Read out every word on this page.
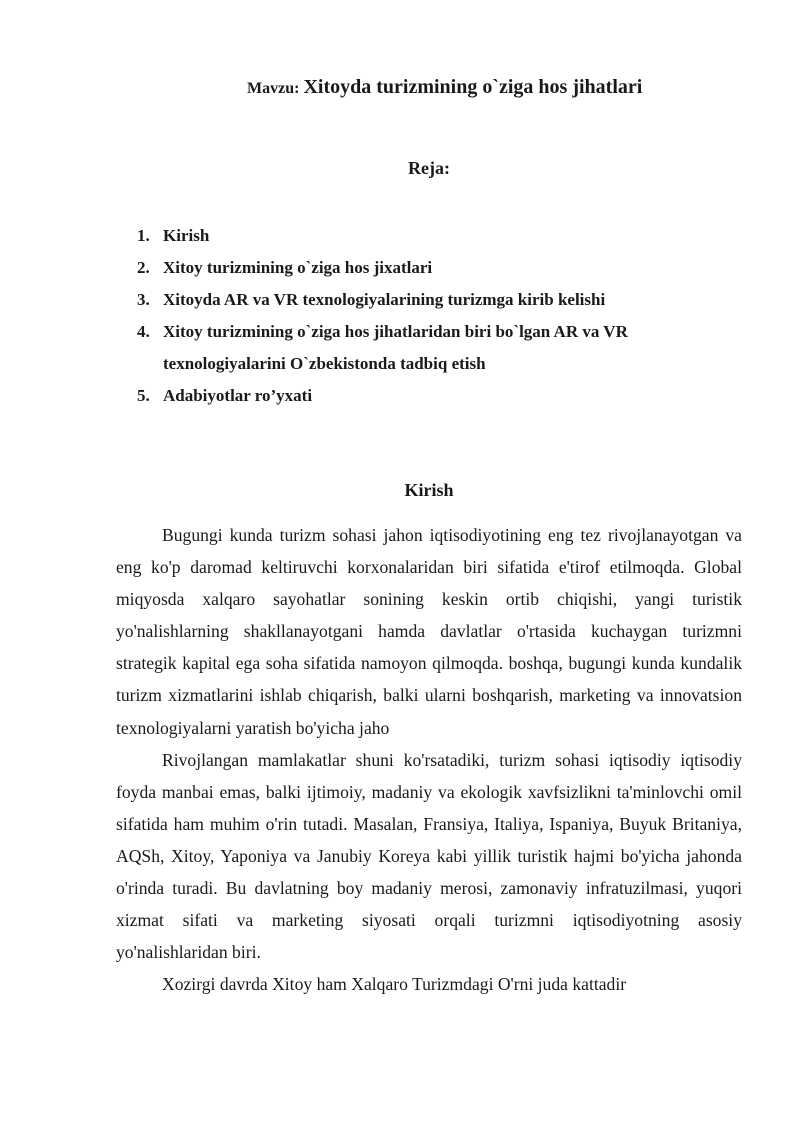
Mavzu: Xitoyda turizmining o`ziga hos jihatlari
Reja:
1. Kirish
2. Xitoy turizmining o`ziga hos jixatlari
3. Xitoyda AR va VR texnologiyalarining turizmga kirib kelishi
4. Xitoy turizmining o`ziga hos jihatlaridan biri bo`lgan AR va VR texnologiyalarini O`zbekistonda tadbiq etish
5. Adabiyotlar ro’yxati
Kirish

Bugungi kunda turizm sohasi jahon iqtisodiyotining eng tez rivojlanayotgan va eng ko'p daromad keltiruvchi korxonalaridan biri sifatida e'tirof etilmoqda. Global miqyosda xalqaro sayohatlar sonining keskin ortib chiqishi, yangi turistik yo'nalishlarning shakllanayotgani hamda davlatlar o'rtasida kuchaygan turizmni strategik kapital ega soha sifatida namoyon qilmoqda. boshqa, bugungi kunda kundalik turizm xizmatlarini ishlab chiqarish, balki ularni boshqarish, marketing va innovatsion texnologiyalarni yaratish bo'yicha jaho

Rivojlangan mamlakatlar shuni ko'rsatadiki, turizm sohasi iqtisodiy iqtisodiy foyda manbai emas, balki ijtimoiy, madaniy va ekologik xavfsizlikni ta'minlovchi omil sifatida ham muhim o'rin tutadi. Masalan, Fransiya, Italiya, Ispaniya, Buyuk Britaniya, AQSh, Xitoy, Yaponiya va Janubiy Koreya kabi yillik turistik hajmi bo'yicha jahonda o'rinda turadi. Bu davlatning boy madaniy merosi, zamonaviy infratuzilmasi, yuqori xizmat sifati va marketing siyosati orqali turizmni iqtisodiyotning asosiy yo'nalishlaridan biri.

Xozirgi davrda Xitoy ham Xalqaro Turizmdagi O'rni juda kattadir
